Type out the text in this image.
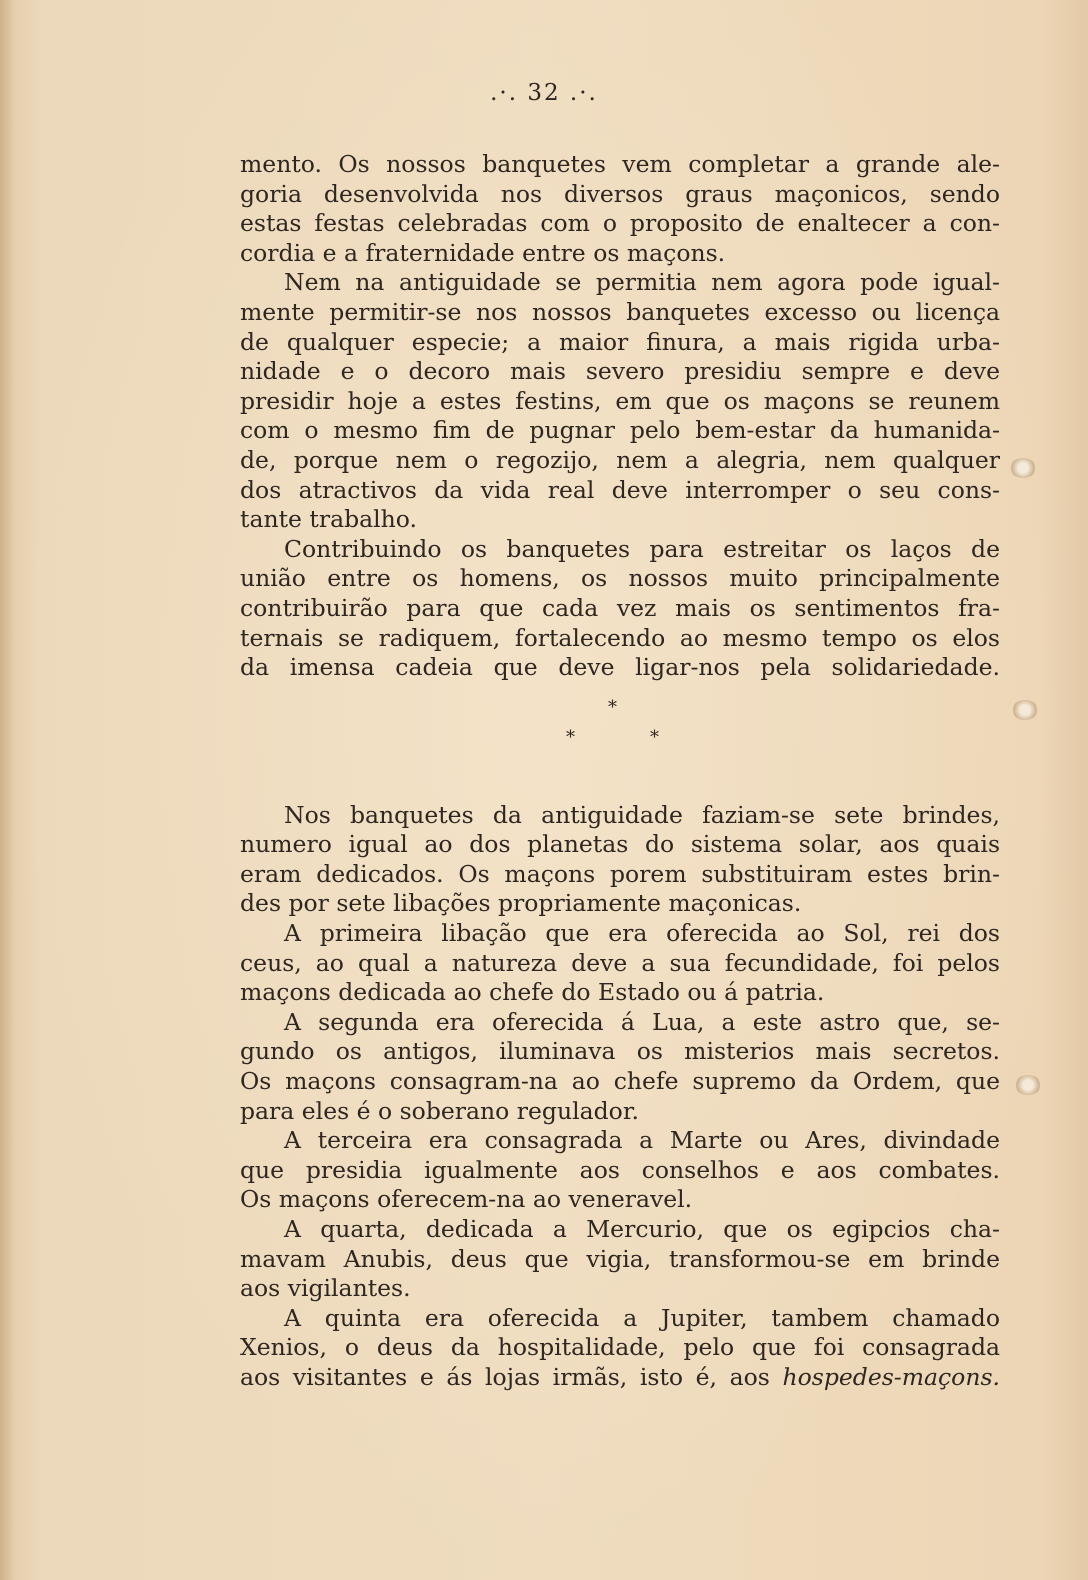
.·. 32 .·.
mento. Os nossos banquetes vem completar a grande ale-
goria desenvolvida nos diversos graus maçonicos, sendo
estas festas celebradas com o proposito de enaltecer a con-
cordia e a fraternidade entre os maçons.
Nem na antiguidade se permitia nem agora pode igual-
mente permitir-se nos nossos banquetes excesso ou licença
de qualquer especie; a maior finura, a mais rigida urba-
nidade e o decoro mais severo presidiu sempre e deve
presidir hoje a estes festins, em que os maçons se reunem
com o mesmo fim de pugnar pelo bem-estar da humanida-
de, porque nem o regozijo, nem a alegria, nem qualquer
dos atractivos da vida real deve interromper o seu cons-
tante trabalho.
Contribuindo os banquetes para estreitar os laços de
união entre os homens, os nossos muito principalmente
contribuirão para que cada vez mais os sentimentos fra-
ternais se radiquem, fortalecendo ao mesmo tempo os elos
da imensa cadeia que deve ligar-nos pela solidariedade.
*
*	*
Nos banquetes da antiguidade faziam-se sete brindes,
numero igual ao dos planetas do sistema solar, aos quais
eram dedicados. Os maçons porem substituiram estes brin-
des por sete libações propriamente maçonicas.
A primeira libação que era oferecida ao Sol, rei dos
ceus, ao qual a natureza deve a sua fecundidade, foi pelos
maçons dedicada ao chefe do Estado ou á patria.
A segunda era oferecida á Lua, a este astro que, se-
gundo os antigos, iluminava os misterios mais secretos.
Os maçons consagram-na ao chefe supremo da Ordem, que
para eles é o soberano regulador.
A terceira era consagrada a Marte ou Ares, divindade
que presidia igualmente aos conselhos e aos combates.
Os maçons oferecem-na ao veneravel.
A quarta, dedicada a Mercurio, que os egipcios cha-
mavam Anubis, deus que vigia, transformou-se em brinde
aos vigilantes.
A quinta era oferecida a Jupiter, tambem chamado
Xenios, o deus da hospitalidade, pelo que foi consagrada
aos visitantes e ás lojas irmãs, isto é, aos hospedes-maçons.
